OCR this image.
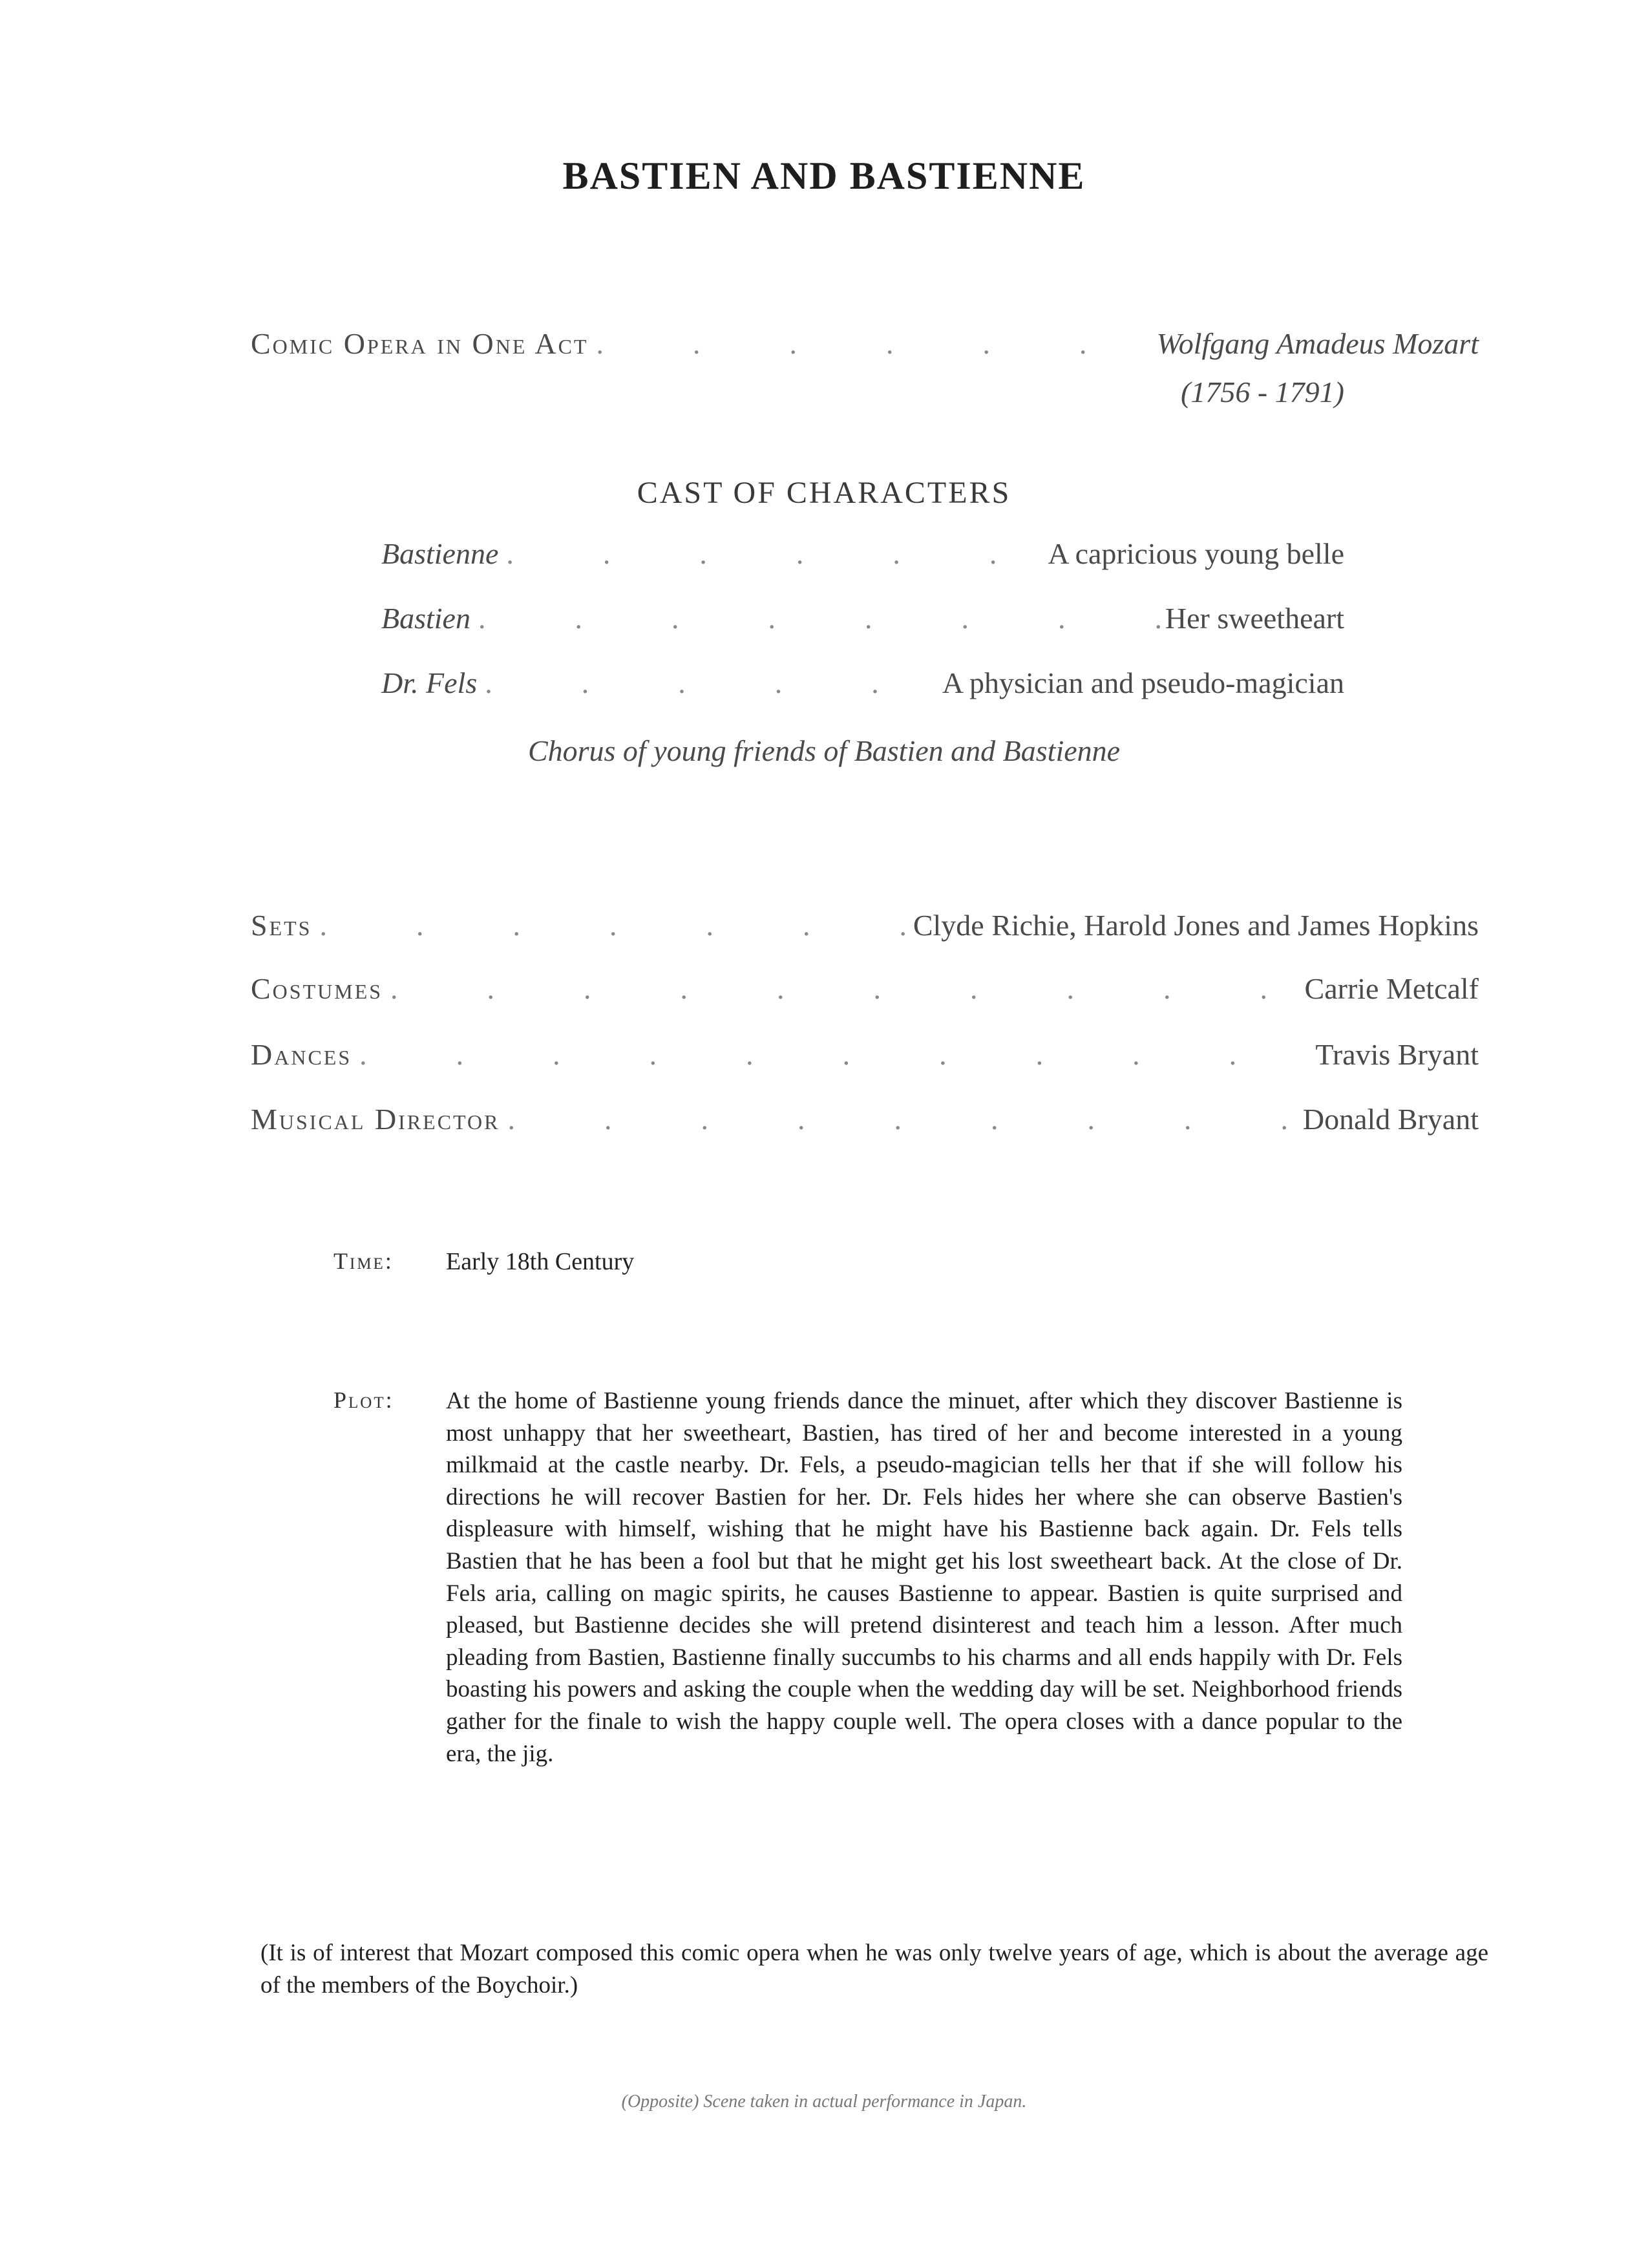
BASTIEN AND BASTIENNE
Comic Opera in One Act .	Wolfgang Amadeus Mozart
(1756 - 1791)
CAST OF CHARACTERS
Bastienne .	A capricious young belle
Bastien .	Her sweetheart
Dr. Fels .	A physician and pseudo-magician
Chorus of young friends of Bastien and Bastienne
Sets .	Clyde Richie, Harold Jones and James Hopkins
Costumes .	Carrie Metcalf
Dances .	Travis Bryant
Musical Director .	Donald Bryant
Time: Early 18th Century
Plot: At the home of Bastienne young friends dance the minuet, after which they discover Bastienne is most unhappy that her sweetheart, Bastien, has tired of her and become interested in a young milkmaid at the castle nearby. Dr. Fels, a pseudo-magician tells her that if she will follow his directions he will recover Bastien for her. Dr. Fels hides her where she can observe Bastien's displeasure with himself, wishing that he might have his Bastienne back again. Dr. Fels tells Bastien that he has been a fool but that he might get his lost sweetheart back. At the close of Dr. Fels aria, calling on magic spirits, he causes Bastienne to appear. Bastien is quite surprised and pleased, but Bastienne decides she will pretend disinterest and teach him a lesson. After much pleading from Bastien, Bastienne finally succumbs to his charms and all ends happily with Dr. Fels boasting his powers and asking the couple when the wedding day will be set. Neighborhood friends gather for the finale to wish the happy couple well. The opera closes with a dance popular to the era, the jig.
(It is of interest that Mozart composed this comic opera when he was only twelve years of age, which is about the average age of the members of the Boychoir.)
(Opposite) Scene taken in actual performance in Japan.
